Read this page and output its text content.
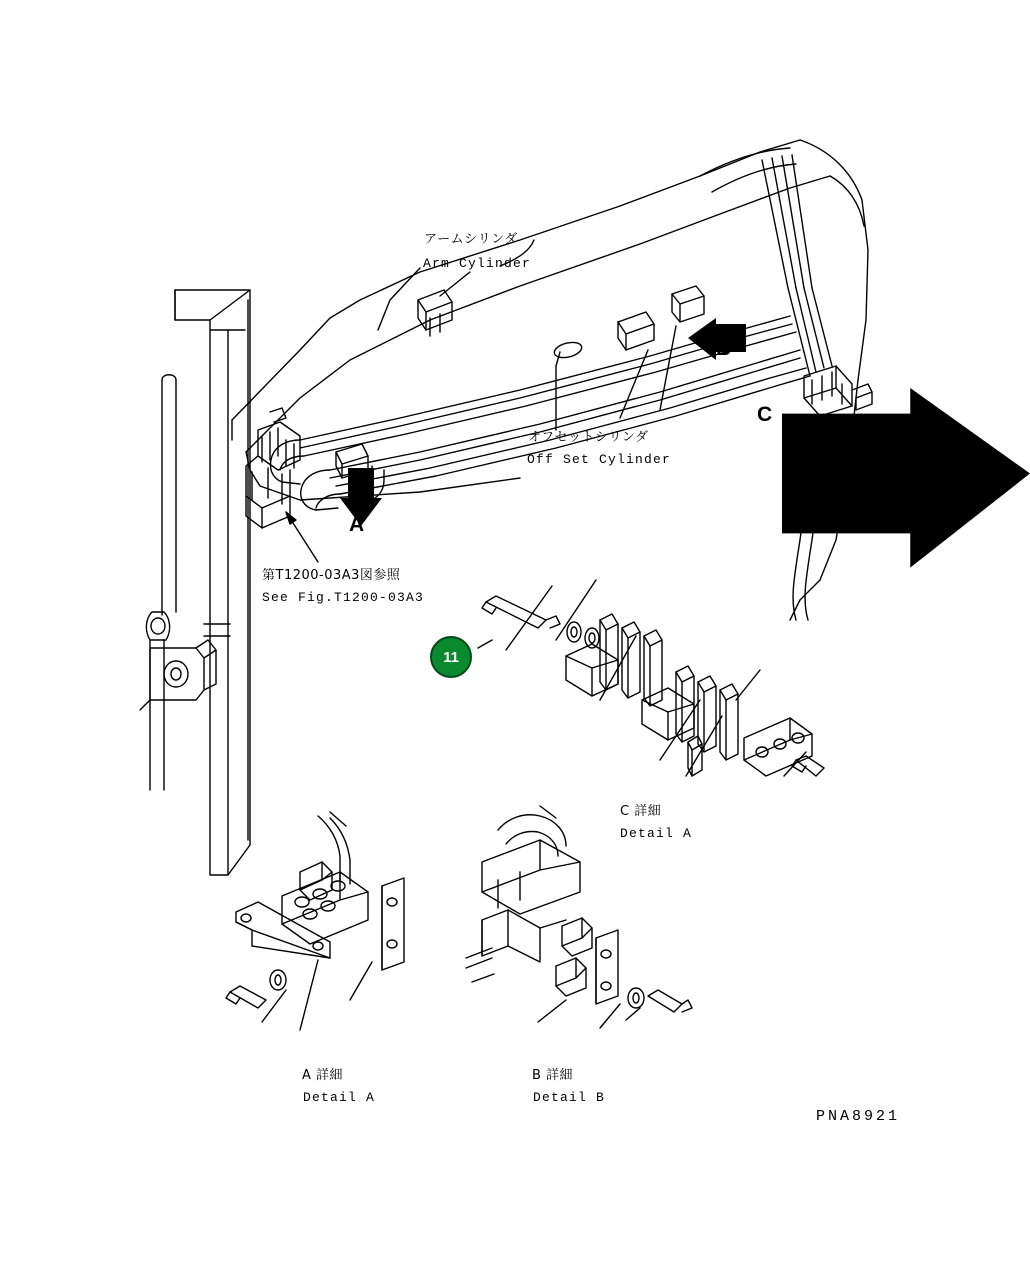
アームシリンダ
Arm Cylinder
オフセットシリンダ
Off Set Cylinder
第T1200-03A3図参照
See Fig.T1200-03A3
A
B
C
11
C 詳細
Detail A
A 詳細
Detail A
B 詳細
Detail B
PNA8921
